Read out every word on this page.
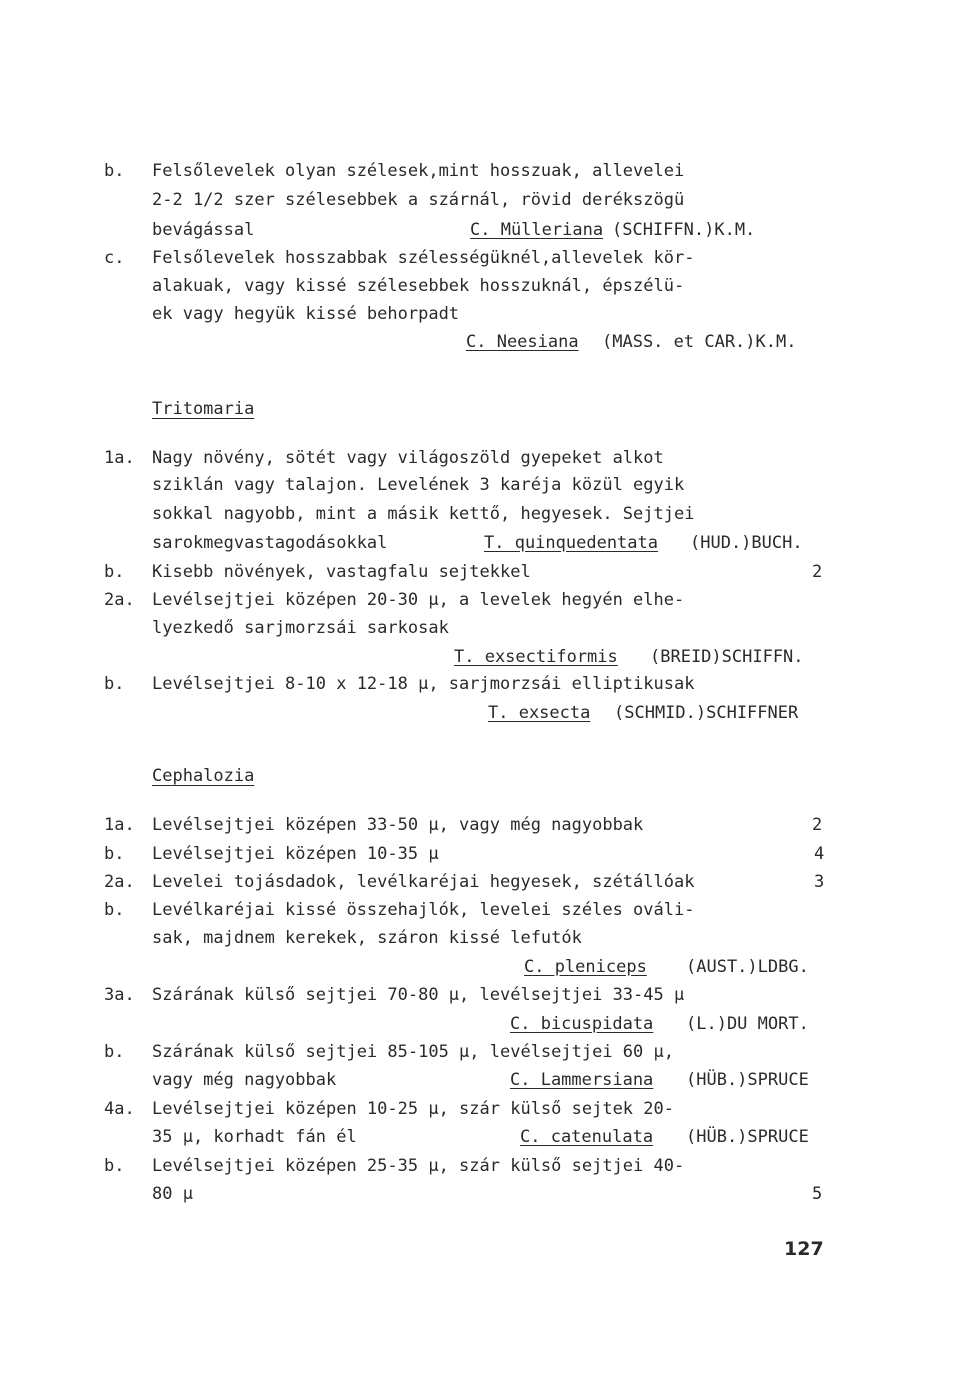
b. Felsőlevelek olyan szélesek,mint hosszuak, allevelei
2-2 1/2 szer szélesebbek a szárnál, rövid derékszögü
bevágással	C. Mülleriana (SCHIFFN.)K.M.
c. Felsőlevelek hosszabbak szélességüknél,allevelek kör-
alakuak, vagy kissé szélesebbek hosszuknál, épszélü-
ek vagy hegyük kissé behorpadt
C. Neesiana (MASS. et CAR.)K.M.
Tritomaria
1a. Nagy növény, sötét vagy világoszöld gyepeket alkot
sziklán vagy talajon. Levelének 3 karéja közül egyik
sokkal nagyobb, mint a másik kettő, hegyesek. Sejtjei
sarokmegvastagodásokkal	T. quinquedentata (HUD.)BUCH.
b. Kisebb növények, vastagfalu sejtekkel	2
2a. Levélsejtjei középen 20-30 µ, a levelek hegyén elhe-
lyezkedő sarjmorzsái sarkosak
T. exsectiformis (BREID)SCHIFFN.
b. Levélsejtjei 8-10 x 12-18 µ, sarjmorzsái elliptikusak
T. exsecta (SCHMID.)SCHIFFNER
Cephalozia
1a. Levélsejtjei középen 33-50 µ, vagy még nagyobbak	2
b. Levélsejtjei középen 10-35 µ	4
2a. Levelei tojásdadok, levélkaréjai hegyesek, szétállóak	3
b. Levélkaréjai kissé összehajlók, levelei széles ováli-
sak, majdnem kerekek, száron kissé lefutók
C. pleniceps (AUST.)LDBG.
3a. Szárának külső sejtjei 70-80 µ, levélsejtjei 33-45 µ
C. bicuspidata (L.)DU MORT.
b. Szárának külső sejtjei 85-105 µ, levélsejtjei 60 µ,
vagy még nagyobbak	C. Lammersiana (HÜB.)SPRUCE
4a. Levélsejtjei középen 10-25 µ, szár külső sejtek 20-
35 µ, korhadt fán él	C. catenulata (HÜB.)SPRUCE
b. Levélsejtjei középen 25-35 µ, szár külső sejtjei 40-
80 µ	5
127
